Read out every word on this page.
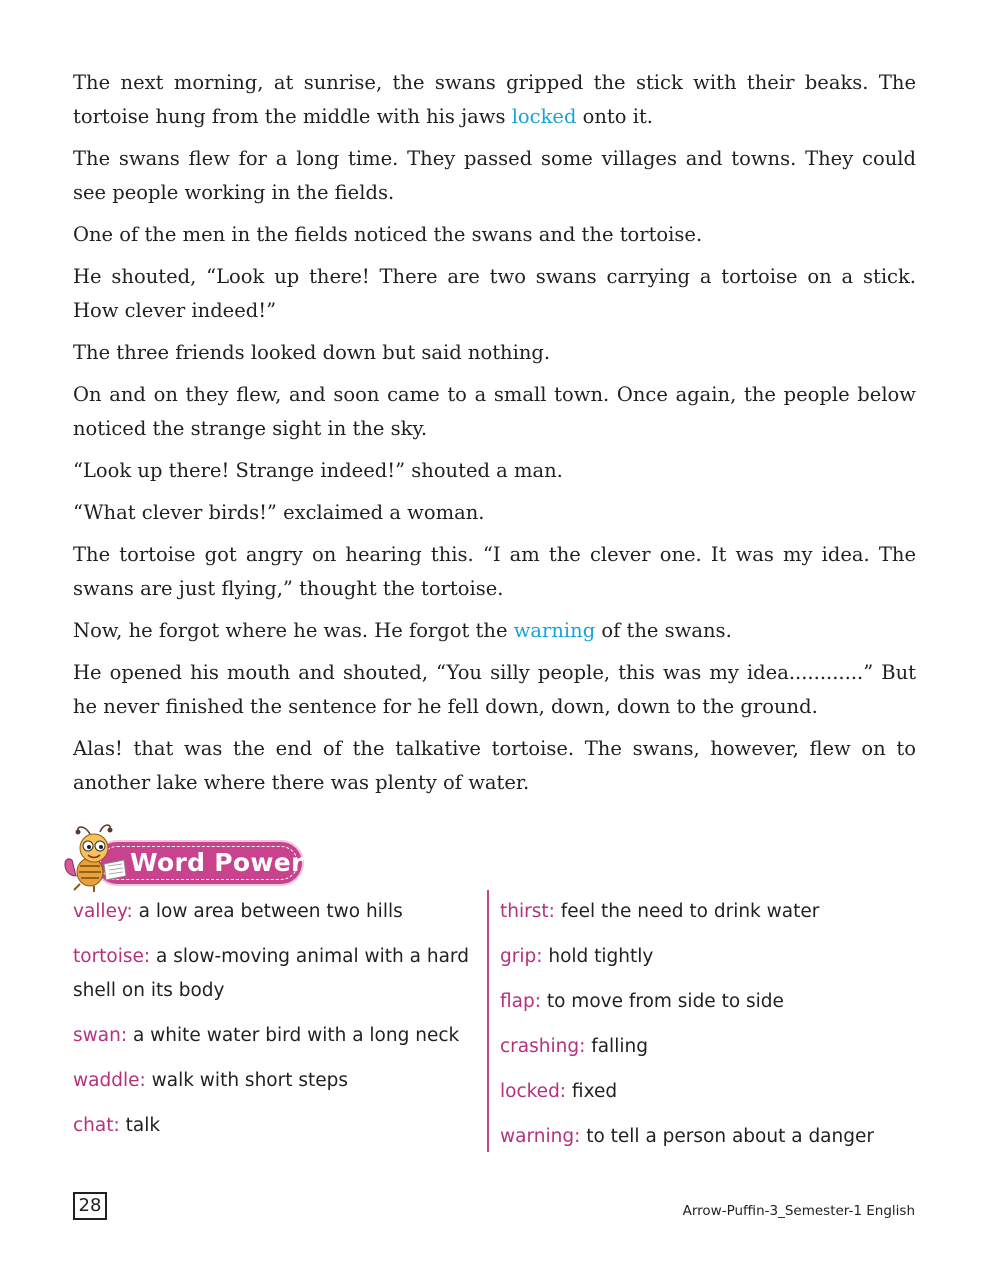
The next morning, at sunrise, the swans gripped the stick with their beaks. The tortoise hung from the middle with his jaws locked onto it.

The swans flew for a long time. They passed some villages and towns. They could see people working in the fields.

One of the men in the fields noticed the swans and the tortoise.

He shouted, “Look up there! There are two swans carrying a tortoise on a stick. How clever indeed!”

The three friends looked down but said nothing.

On and on they flew, and soon came to a small town. Once again, the people below noticed the strange sight in the sky.

“Look up there! Strange indeed!” shouted a man.

“What clever birds!” exclaimed a woman.

The tortoise got angry on hearing this. “I am the clever one. It was my idea. The swans are just flying,” thought the tortoise.

Now, he forgot where he was. He forgot the warning of the swans.

He opened his mouth and shouted, “You silly people, this was my idea............” But he never finished the sentence for he fell down, down, down to the ground.

Alas! that was the end of the talkative tortoise. The swans, however, flew on to another lake where there was plenty of water.

Word Power
valley: a low area between two hills
tortoise: a slow-moving animal with a hard shell on its body
swan: a white water bird with a long neck
waddle: walk with short steps
chat: talk
thirst: feel the need to drink water
grip: hold tightly
flap: to move from side to side
crashing: falling
locked: fixed
warning: to tell a person about a danger
28	Arrow-Puffin-3_Semester-1 English
